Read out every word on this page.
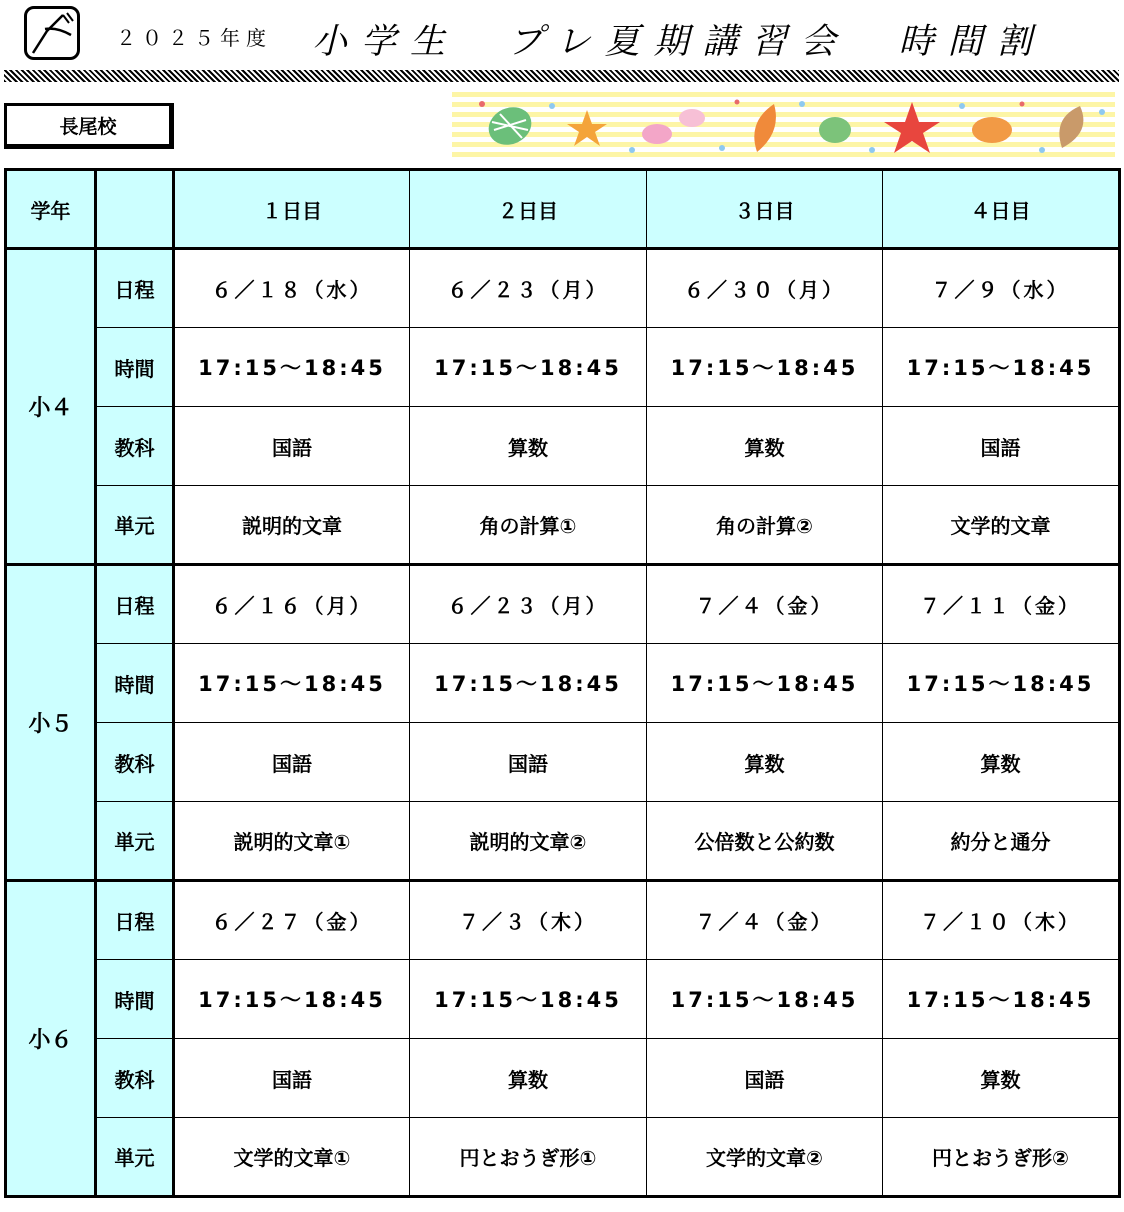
２０２５年度 小学生　プレ夏期講習会　時間割
長尾校
学年		１日目	２日目	３日目	４日目
小４	日程	６／１８（水）	６／２３（月）	６／３０（月）	７／９（水）
	時間	17:15～18:45	17:15～18:45	17:15～18:45	17:15～18:45
	教科	国語	算数	算数	国語
	単元	説明的文章	角の計算①	角の計算②	文学的文章
小５	日程	６／１６（月）	６／２３（月）	７／４（金）	７／１１（金）
	時間	17:15～18:45	17:15～18:45	17:15～18:45	17:15～18:45
	教科	国語	国語	算数	算数
	単元	説明的文章①	説明的文章②	公倍数と公約数	約分と通分
小６	日程	６／２７（金）	７／３（木）	７／４（金）	７／１０（木）
	時間	17:15～18:45	17:15～18:45	17:15～18:45	17:15～18:45
	教科	国語	算数	国語	算数
	単元	文学的文章①	円とおうぎ形①	文学的文章②	円とおうぎ形②
